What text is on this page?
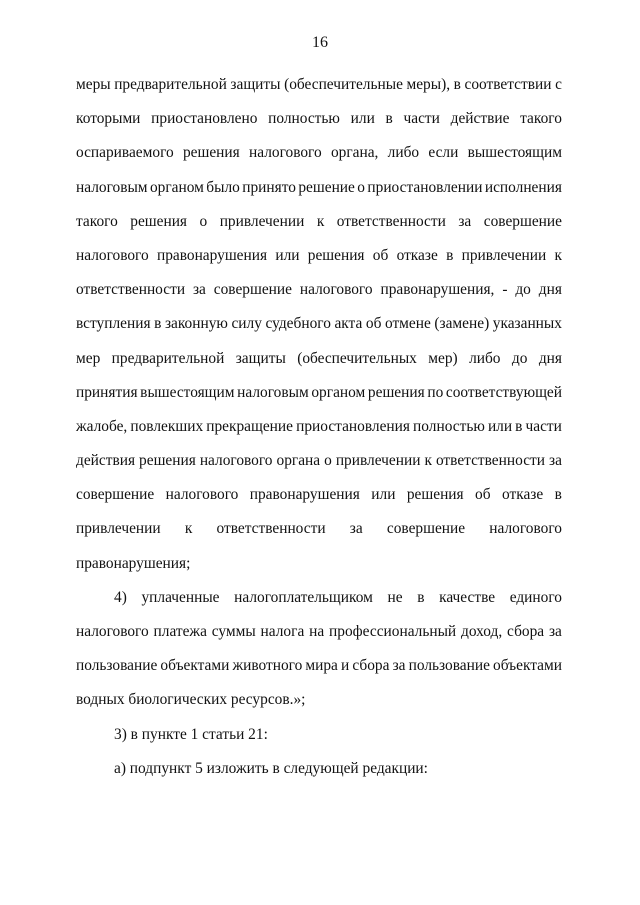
16
меры предварительной защиты (обеспечительные меры), в соответствии с
которыми приостановлено полностью или в части действие такого
оспариваемого решения налогового органа, либо если вышестоящим
налоговым органом было принято решение о приостановлении исполнения
такого решения о привлечении к ответственности за совершение
налогового правонарушения или решения об отказе в привлечении к
ответственности за совершение налогового правонарушения, - до дня
вступления в законную силу судебного акта об отмене (замене) указанных
мер предварительной защиты (обеспечительных мер) либо до дня
принятия вышестоящим налоговым органом решения по соответствующей
жалобе, повлекших прекращение приостановления полностью или в части
действия решения налогового органа о привлечении к ответственности за
совершение налогового правонарушения или решения об отказе в
привлечении к ответственности за совершение налогового
правонарушения;
4) уплаченные налогоплательщиком не в качестве единого
налогового платежа суммы налога на профессиональный доход, сбора за
пользование объектами животного мира и сбора за пользование объектами
водных биологических ресурсов.»;
3) в пункте 1 статьи 21:
а) подпункт 5 изложить в следующей редакции:
